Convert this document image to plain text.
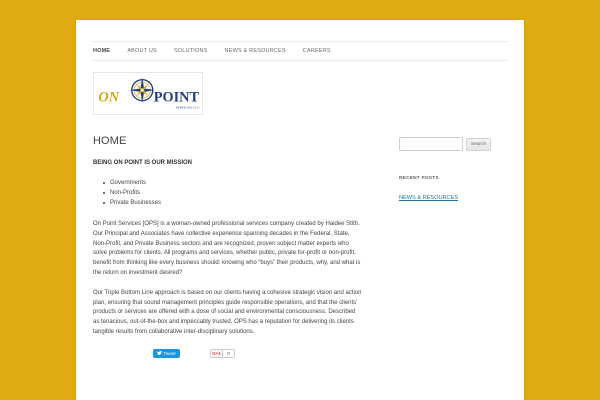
HOME	ABOUT US	SOLUTIONS	NEWS & RESOURCES	CAREERS
ON POINT
SERVICES, LLC
HOME

BEING ON POINT IS OUR MISSION

Governments
Non-Profits
Private Businesses

On Point Services [OPS] is a woman-owned professional services company created by Haidee Stith. Our Principal and Associates have collective experience spanning decades in the Federal, State, Non-Profit, and Private Business sectors and are recognized, proven subject matter experts who solve problems for clients. All programs and services, whether public, private for-profit or non-profit, benefit from thinking like every business should: knowing who “buys” their products, why, and what is the return on investment desired?

Our Triple Bottom Line approach is based on our clients having a cohesive strategic vision and action plan, ensuring that sound management principles guide responsible operations, and that the clients’ products or services are offered with a dose of social and environmental consciousness. Described as tenacious, out-of-the-box and impeccably trusted, OPS has a reputation for delivering its clients tangible results from collaborative inter-disciplinary solutions.

Tweet	G+1	0
Search
RECENT POSTS
NEWS & RESOURCES
